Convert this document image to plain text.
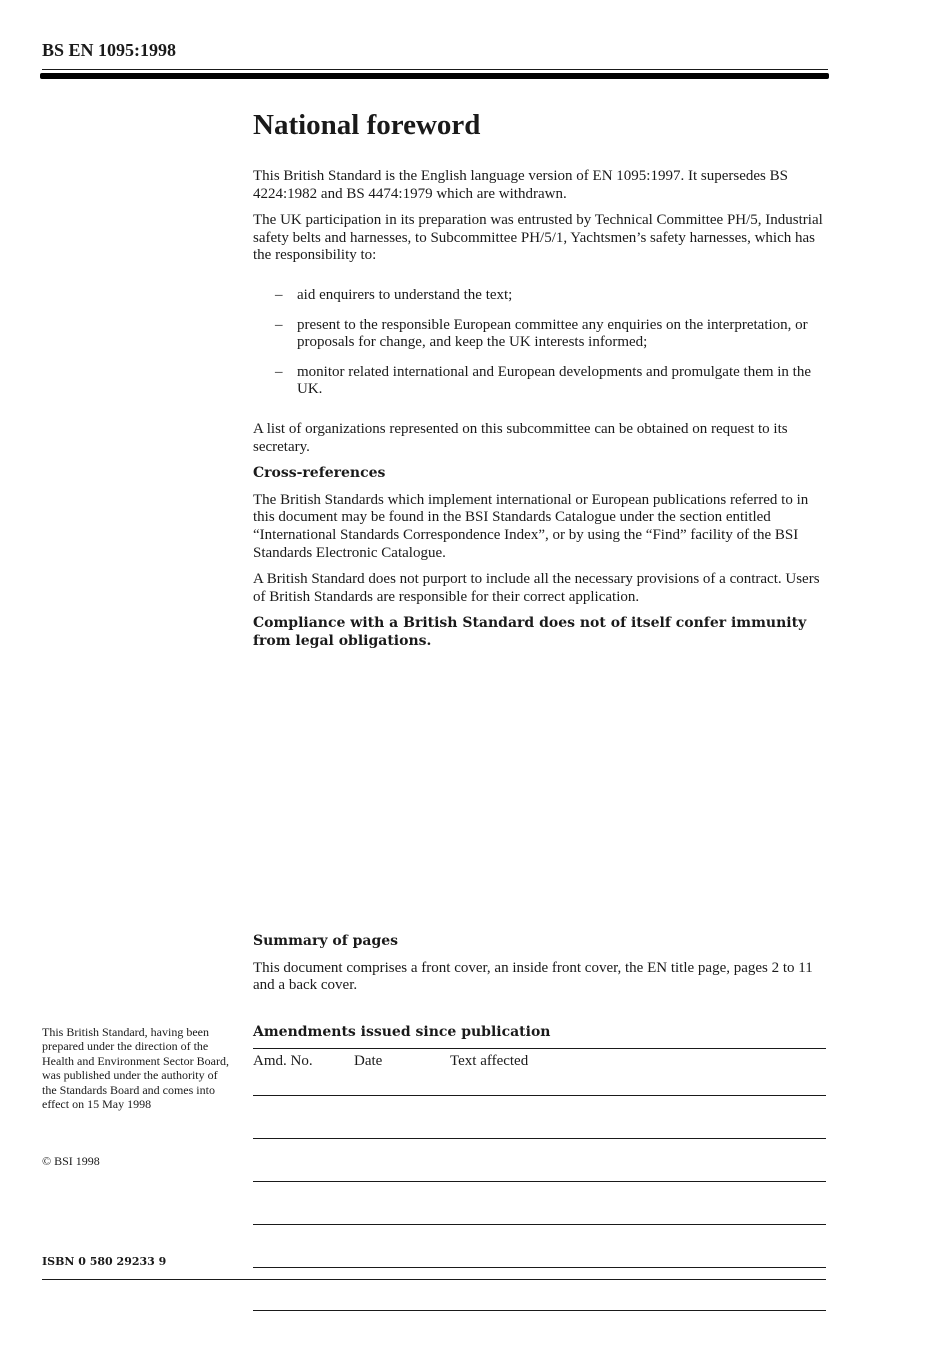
BS EN 1095:1998
National foreword

This British Standard is the English language version of EN 1095:1997. It supersedes BS 4224:1982 and BS 4474:1979 which are withdrawn.

The UK participation in its preparation was entrusted by Technical Committee PH/5, Industrial safety belts and harnesses, to Subcommittee PH/5/1, Yachtsmen’s safety harnesses, which has the responsibility to:

– aid enquirers to understand the text;
– present to the responsible European committee any enquiries on the interpretation, or proposals for change, and keep the UK interests informed;
– monitor related international and European developments and promulgate them in the UK.

A list of organizations represented on this subcommittee can be obtained on request to its secretary.

Cross-references

The British Standards which implement international or European publications referred to in this document may be found in the BSI Standards Catalogue under the section entitled “International Standards Correspondence Index”, or by using the “Find” facility of the BSI Standards Electronic Catalogue.

A British Standard does not purport to include all the necessary provisions of a contract. Users of British Standards are responsible for their correct application.

Compliance with a British Standard does not of itself confer immunity from legal obligations.

Summary of pages

This document comprises a front cover, an inside front cover, the EN title page, pages 2 to 11 and a back cover.

Amendments issued since publication
Amd. No.	Date	Text affected

This British Standard, having been prepared under the direction of the Health and Environment Sector Board, was published under the authority of the Standards Board and comes into effect on 15 May 1998

© BSI 1998
ISBN 0 580 29233 9
